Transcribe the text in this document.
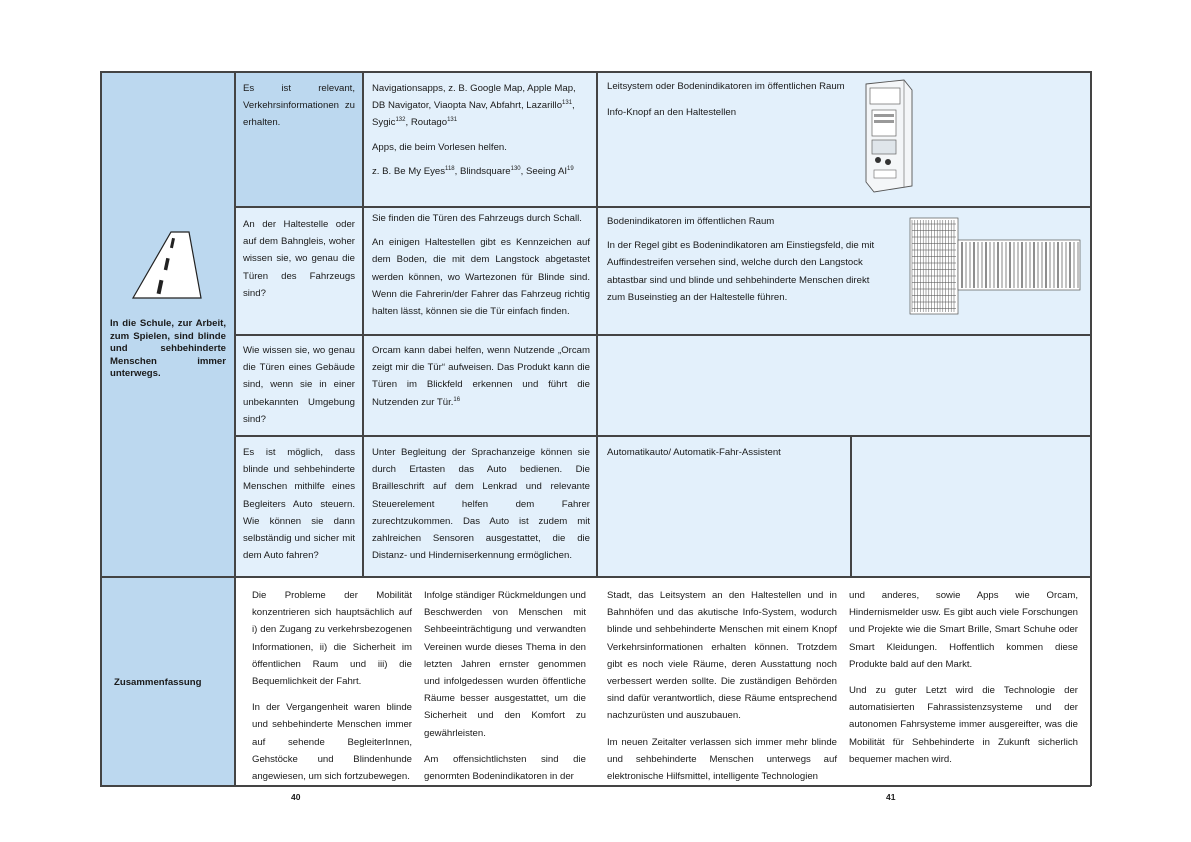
In die Schule, zur Arbeit, zum Spielen, sind blinde und sehbehinderte Menschen immer unterwegs.
Zusammenfassung
Es ist relevant, Verkehrsinformationen zu erhalten.

Navigationsapps, z. B. Google Map, Apple Map, DB Navigator, Viaopta Nav, Abfahrt, Lazarillo$^{131}$, Sygic$^{132}$, Routago$^{131}$

Apps, die beim Vorlesen helfen.

z. B. Be My Eyes$^{118}$, Blindsquare$^{130}$, Seeing AI$^{19}$

Leitsystem oder Bodenindikatoren im öffentlichen Raum

Info-Knopf an den Haltestellen

An der Haltestelle oder auf dem Bahngleis, woher wissen sie, wo genau die Türen des Fahrzeugs sind?

Sie finden die Türen des Fahrzeugs durch Schall.

An einigen Haltestellen gibt es Kennzeichen auf dem Boden, die mit dem Langstock abgetastet werden können, wo Wartezonen für Blinde sind. Wenn die Fahrerin/der Fahrer das Fahrzeug richtig halten lässt, können sie die Tür einfach finden.

Bodenindikatoren im öffentlichen Raum

In der Regel gibt es Bodenindikatoren am Einstiegsfeld, die mit Auffindestreifen versehen sind, welche durch den Langstock abtastbar sind und blinde und sehbehinderte Menschen direkt zum Buseinstieg an der Haltestelle führen.

Wie wissen sie, wo genau die Türen eines Gebäude sind, wenn sie in einer unbekannten Umgebung sind?
Orcam kann dabei helfen, wenn Nutzende „Orcam zeigt mir die Tür“ aufweisen. Das Produkt kann die Türen im Blickfeld erkennen und führt die Nutzenden zur Tür.$^{16}$
Es ist möglich, dass blinde und sehbehinderte Menschen mithilfe eines Begleiters Auto steuern. Wie können sie dann selbständig und sicher mit dem Auto fahren?
Unter Begleitung der Sprachanzeige können sie durch Ertasten das Auto bedienen. Die Brailleschrift auf dem Lenkrad und relevante Steuerelement helfen dem Fahrer zurechtzukommen. Das Auto ist zudem mit zahlreichen Sensoren ausgestattet, die die Distanz- und Hinderniserkennung ermöglichen.
Automatikauto/ Automatik-Fahr-Assistent

Die Probleme der Mobilität konzentrieren sich hauptsächlich auf i) den Zugang zu verkehrsbezogenen Informationen, ii) die Sicherheit im öffentlichen Raum und iii) die Bequemlichkeit der Fahrt.

In der Vergangenheit waren blinde und sehbehinderte Menschen immer auf sehende BegleiterInnen, Gehstöcke und Blindenhunde angewiesen, um sich fortzubewegen.

Infolge ständiger Rückmeldungen und Beschwerden von Menschen mit Sehbeeinträchtigung und verwandten Vereinen wurde dieses Thema in den letzten Jahren ernster genommen und infolgedessen wurden öffentliche Räume besser ausgestattet, um die Sicherheit und den Komfort zu gewährleisten.

Am offensichtlichsten sind die genormten Bodenindikatoren in der

Stadt, das Leitsystem an den Haltestellen und in Bahnhöfen und das akutische Info-System, wodurch blinde und sehbehinderte Menschen mit einem Knopf Verkehrsinformationen erhalten können. Trotzdem gibt es noch viele Räume, deren Ausstattung noch verbessert werden sollte. Die zuständigen Behörden sind dafür verantwortlich, diese Räume entsprechend nachzurüsten und auszubauen.

Im neuen Zeitalter verlassen sich immer mehr blinde und sehbehinderte Menschen unterwegs auf elektronische Hilfsmittel, intelligente Technologien

und anderes, sowie Apps wie Orcam, Hindernismelder usw. Es gibt auch viele Forschungen und Projekte wie die Smart Brille, Smart Schuhe oder Smart Kleidungen. Hoffentlich kommen diese Produkte bald auf den Markt.

Und zu guter Letzt wird die Technologie der automatisierten Fahrassistenzsysteme und der autonomen Fahrsysteme immer ausgereifter, was die Mobilität für Sehbehinderte in Zukunft sicherlich bequemer machen wird.

40	41
